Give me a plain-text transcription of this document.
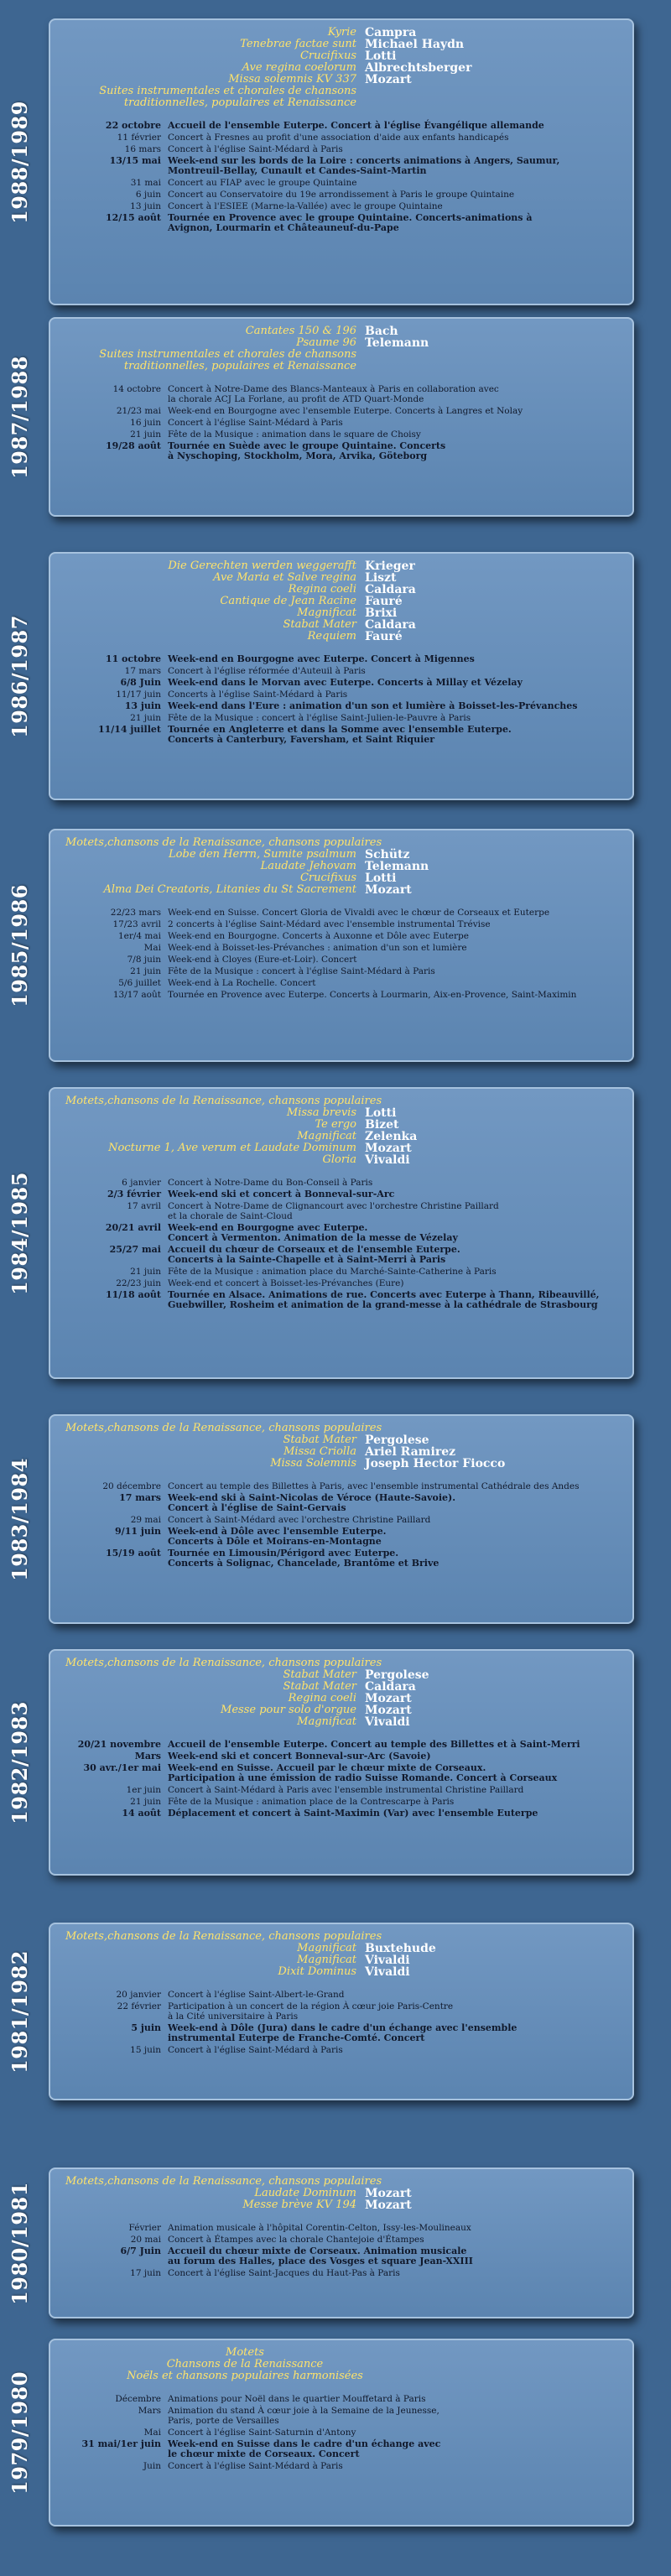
1988/1989
Kyrie Campra
Tenebrae factae sunt Michael Haydn
Crucifixus Lotti
Ave regina coelorum Albrechtsberger
Missa solemnis KV 337 Mozart
Suites instrumentales et chorales de chansons
traditionnelles, populaires et Renaissance
22 octobre Accueil de l'ensemble Euterpe. Concert à l'église Évangélique allemande
11 février Concert à Fresnes au profit d'une association d'aide aux enfants handicapés
16 mars Concert à l'église Saint-Médard à Paris
13/15 mai Week-end sur les bords de la Loire : concerts animations à Angers, Saumur,
Montreuil-Bellay, Cunault et Candes-Saint-Martin
31 mai Concert au FIAP avec le groupe Quintaine
6 juin Concert au Conservatoire du 19e arrondissement à Paris le groupe Quintaine
13 juin Concert à l'ESIEE (Marne-la-Vallée) avec le groupe Quintaine
12/15 août Tournée en Provence avec le groupe Quintaine. Concerts-animations à
Avignon, Lourmarin et Châteauneuf-du-Pape
1987/1988
Cantates 150 & 196 Bach
Psaume 96 Telemann
Suites instrumentales et chorales de chansons
traditionnelles, populaires et Renaissance
14 octobre Concert à Notre-Dame des Blancs-Manteaux à Paris en collaboration avec
la chorale ACJ La Forlane, au profit de ATD Quart-Monde
21/23 mai Week-end en Bourgogne avec l'ensemble Euterpe. Concerts à Langres et Nolay
16 juin Concert à l'église Saint-Médard à Paris
21 juin Fête de la Musique : animation dans le square de Choisy
19/28 août Tournée en Suède avec le groupe Quintaine. Concerts
à Nyschoping, Stockholm, Mora, Arvika, Göteborg
1986/1987
Die Gerechten werden weggerafft Krieger
Ave Maria et Salve regina Liszt
Regina coeli Caldara
Cantique de Jean Racine Fauré
Magnificat Brixi
Stabat Mater Caldara
Requiem Fauré
11 octobre Week-end en Bourgogne avec Euterpe. Concert à Migennes
17 mars Concert à l'église réformée d'Auteuil à Paris
6/8 Juin Week-end dans le Morvan avec Euterpe. Concerts à Millay et Vézelay
11/17 juin Concerts à l'église Saint-Médard à Paris
13 juin Week-end dans l'Eure : animation d'un son et lumière à Boisset-les-Prévanches
21 juin Fête de la Musique : concert à l'église Saint-Julien-le-Pauvre à Paris
11/14 juillet Tournée en Angleterre et dans la Somme avec l'ensemble Euterpe.
Concerts à Canterbury, Faversham, et Saint Riquier
1985/1986
Motets,chansons de la Renaissance, chansons populaires
Lobe den Herrn, Sumite psalmum Schütz
Laudate Jehovam Telemann
Crucifixus Lotti
Alma Dei Creatoris, Litanies du St Sacrement Mozart
22/23 mars Week-end en Suisse. Concert Gloria de Vivaldi avec le chœur de Corseaux et Euterpe
17/23 avril 2 concerts à l'église Saint-Médard avec l'ensemble instrumental Trévise
1er/4 mai Week-end en Bourgogne. Concerts à Auxonne et Dôle avec Euterpe
Mai Week-end à Boisset-les-Prévanches : animation d'un son et lumière
7/8 juin Week-end à Cloyes (Eure-et-Loir). Concert
21 juin Fête de la Musique : concert à l'église Saint-Médard à Paris
5/6 juillet Week-end à La Rochelle. Concert
13/17 août Tournée en Provence avec Euterpe. Concerts à Lourmarin, Aix-en-Provence, Saint-Maximin
1984/1985
Motets,chansons de la Renaissance, chansons populaires
Missa brevis Lotti
Te ergo Bizet
Magnificat Zelenka
Nocturne 1, Ave verum et Laudate Dominum Mozart
Gloria Vivaldi
6 janvier Concert à Notre-Dame du Bon-Conseil à Paris
2/3 février Week-end ski et concert à Bonneval-sur-Arc
17 avril Concert à Notre-Dame de Clignancourt avec l'orchestre Christine Paillard
et la chorale de Saint-Cloud
20/21 avril Week-end en Bourgogne avec Euterpe.
Concert à Vermenton. Animation de la messe de Vézelay
25/27 mai Accueil du chœur de Corseaux et de l'ensemble Euterpe.
Concerts à la Sainte-Chapelle et à Saint-Merri à Paris
21 juin Fête de la Musique : animation place du Marché-Sainte-Catherine à Paris
22/23 juin Week-end et concert à Boisset-les-Prévanches (Eure)
11/18 août Tournée en Alsace. Animations de rue. Concerts avec Euterpe à Thann, Ribeauvillé,
Guebwiller, Rosheim et animation de la grand-messe à la cathédrale de Strasbourg
1983/1984
Motets,chansons de la Renaissance, chansons populaires
Stabat Mater Pergolese
Missa Criolla Ariel Ramirez
Missa Solemnis Joseph Hector Fiocco
20 décembre Concert au temple des Billettes à Paris, avec l'ensemble instrumental Cathédrale des Andes
17 mars Week-end ski à Saint-Nicolas de Véroce (Haute-Savoie).
Concert à l'église de Saint-Gervais
29 mai Concert à Saint-Médard avec l'orchestre Christine Paillard
9/11 juin Week-end à Dôle avec l'ensemble Euterpe.
Concerts à Dôle et Moirans-en-Montagne
15/19 août Tournée en Limousin/Périgord avec Euterpe.
Concerts à Solignac, Chancelade, Brantôme et Brive
1982/1983
Motets,chansons de la Renaissance, chansons populaires
Stabat Mater Pergolese
Stabat Mater Caldara
Regina coeli Mozart
Messe pour solo d'orgue Mozart
Magnificat Vivaldi
20/21 novembre Accueil de l'ensemble Euterpe. Concert au temple des Billettes et à Saint-Merri
Mars Week-end ski et concert Bonneval-sur-Arc (Savoie)
30 avr./1er mai Week-end en Suisse. Accueil par le chœur mixte de Corseaux.
Participation à une émission de radio Suisse Romande. Concert à Corseaux
1er juin Concert à Saint-Médard à Paris avec l'ensemble instrumental Christine Paillard
21 juin Fête de la Musique : animation place de la Contrescarpe à Paris
14 août Déplacement et concert à Saint-Maximin (Var) avec l'ensemble Euterpe
1981/1982
Motets,chansons de la Renaissance, chansons populaires
Magnificat Buxtehude
Magnificat Vivaldi
Dixit Dominus Vivaldi
20 janvier Concert à l'église Saint-Albert-le-Grand
22 février Participation à un concert de la région À cœur joie Paris-Centre
à la Cité universitaire à Paris
5 juin Week-end à Dôle (Jura) dans le cadre d'un échange avec l'ensemble
instrumental Euterpe de Franche-Comté. Concert
15 juin Concert à l'église Saint-Médard à Paris
1980/1981
Motets,chansons de la Renaissance, chansons populaires
Laudate Dominum Mozart
Messe brève KV 194 Mozart
Février Animation musicale à l'hôpital Corentin-Celton, Issy-les-Moulineaux
20 mai Concert à Étampes avec la chorale Chantejoie d'Étampes
6/7 Juin Accueil du chœur mixte de Corseaux. Animation musicale
au forum des Halles, place des Vosges et square Jean-XXIII
17 juin Concert à l'église Saint-Jacques du Haut-Pas à Paris
1979/1980
Motets
Chansons de la Renaissance
Noëls et chansons populaires harmonisées
Décembre Animations pour Noël dans le quartier Mouffetard à Paris
Mars Animation du stand À cœur joie à la Semaine de la Jeunesse,
Paris, porte de Versailles
Mai Concert à l'église Saint-Saturnin d'Antony
31 mai/1er juin Week-end en Suisse dans le cadre d'un échange avec
le chœur mixte de Corseaux. Concert
Juin Concert à l'église Saint-Médard à Paris
